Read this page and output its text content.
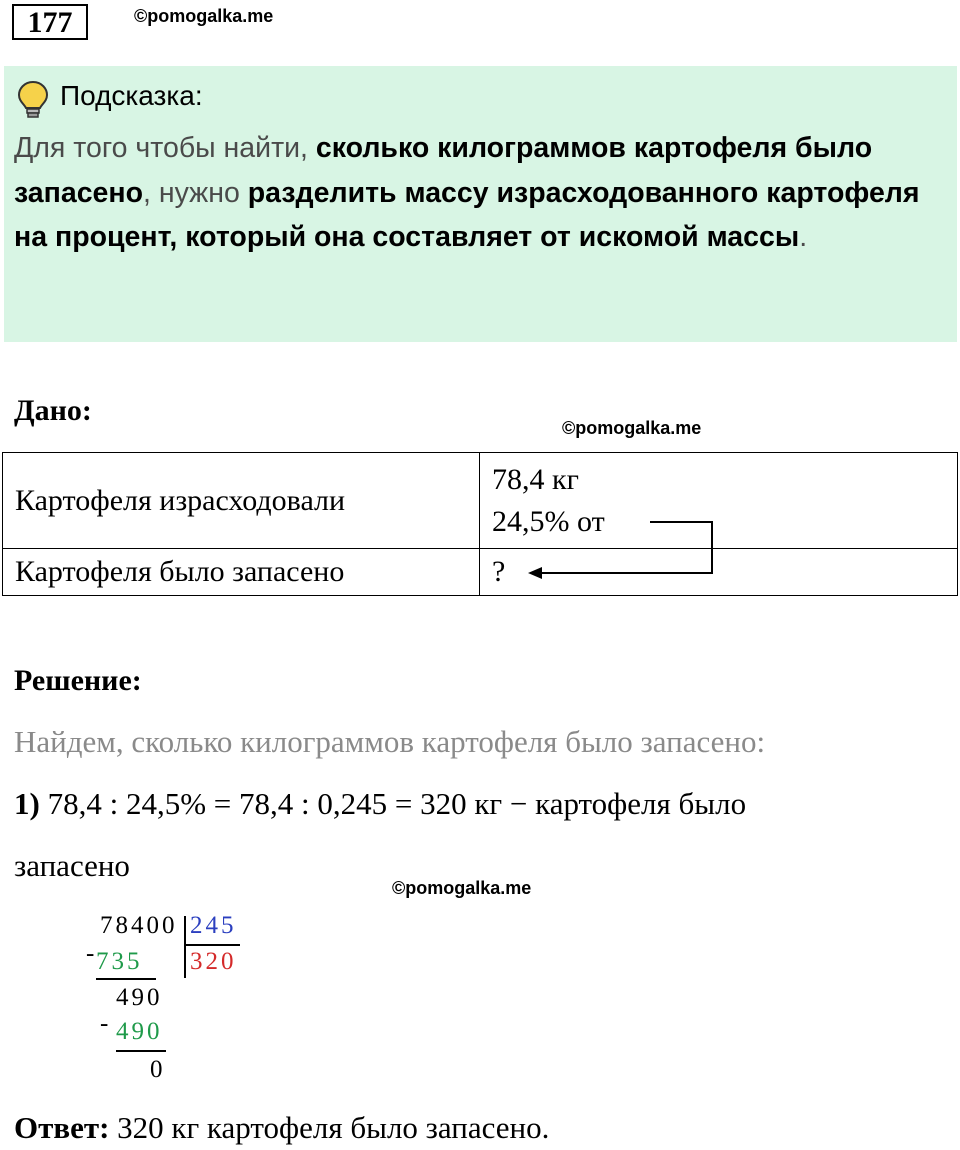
177	©pomogalka.me
Подсказка:
Для того чтобы найти, сколько килограммов картофеля было запасено, нужно разделить массу израсходованного картофеля на процент, который она составляет от искомой массы.
Дано:
©pomogalka.me
Картофеля израсходовали	78,4 кг
24,5% от

Картофеля было запасено	?
Решение:
Найдем, сколько килограммов картофеля было запасено:
1) 78,4 : 24,5% = 78,4 : 0,245 = 320 кг − картофеля было
запасено
©pomogalka.me
78400 245
320
-
735
490
- 490
0
Ответ: 320 кг картофеля было запасено.
